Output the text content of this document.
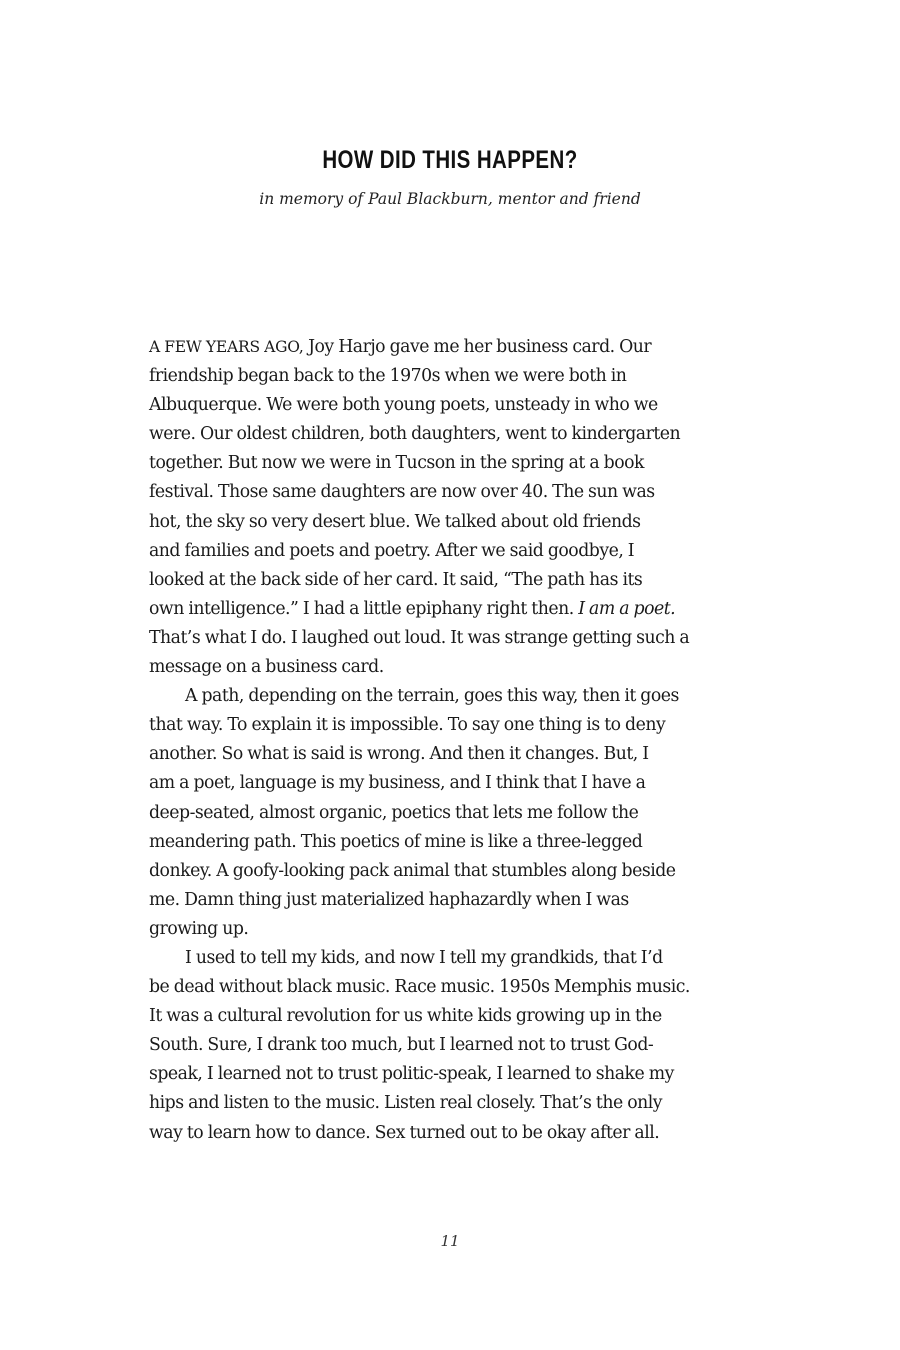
HOW DID THIS HAPPEN?
in memory of Paul Blackburn, mentor and friend
A FEW YEARS AGO, Joy Harjo gave me her business card. Our
friendship began back to the 1970s when we were both in
Albuquerque. We were both young poets, unsteady in who we
were. Our oldest children, both daughters, went to kindergarten
together. But now we were in Tucson in the spring at a book
festival. Those same daughters are now over 40. The sun was
hot, the sky so very desert blue. We talked about old friends
and families and poets and poetry. After we said goodbye, I
looked at the back side of her card. It said, “The path has its
own intelligence.” I had a little epiphany right then. I am a poet.
That’s what I do. I laughed out loud. It was strange getting such a
message on a business card.
A path, depending on the terrain, goes this way, then it goes
that way. To explain it is impossible. To say one thing is to deny
another. So what is said is wrong. And then it changes. But, I
am a poet, language is my business, and I think that I have a
deep-seated, almost organic, poetics that lets me follow the
meandering path. This poetics of mine is like a three-legged
donkey. A goofy-looking pack animal that stumbles along beside
me. Damn thing just materialized haphazardly when I was
growing up.
I used to tell my kids, and now I tell my grandkids, that I’d
be dead without black music. Race music. 1950s Memphis music.
It was a cultural revolution for us white kids growing up in the
South. Sure, I drank too much, but I learned not to trust God-
speak, I learned not to trust politic-speak, I learned to shake my
hips and listen to the music. Listen real closely. That’s the only
way to learn how to dance. Sex turned out to be okay after all.
11
